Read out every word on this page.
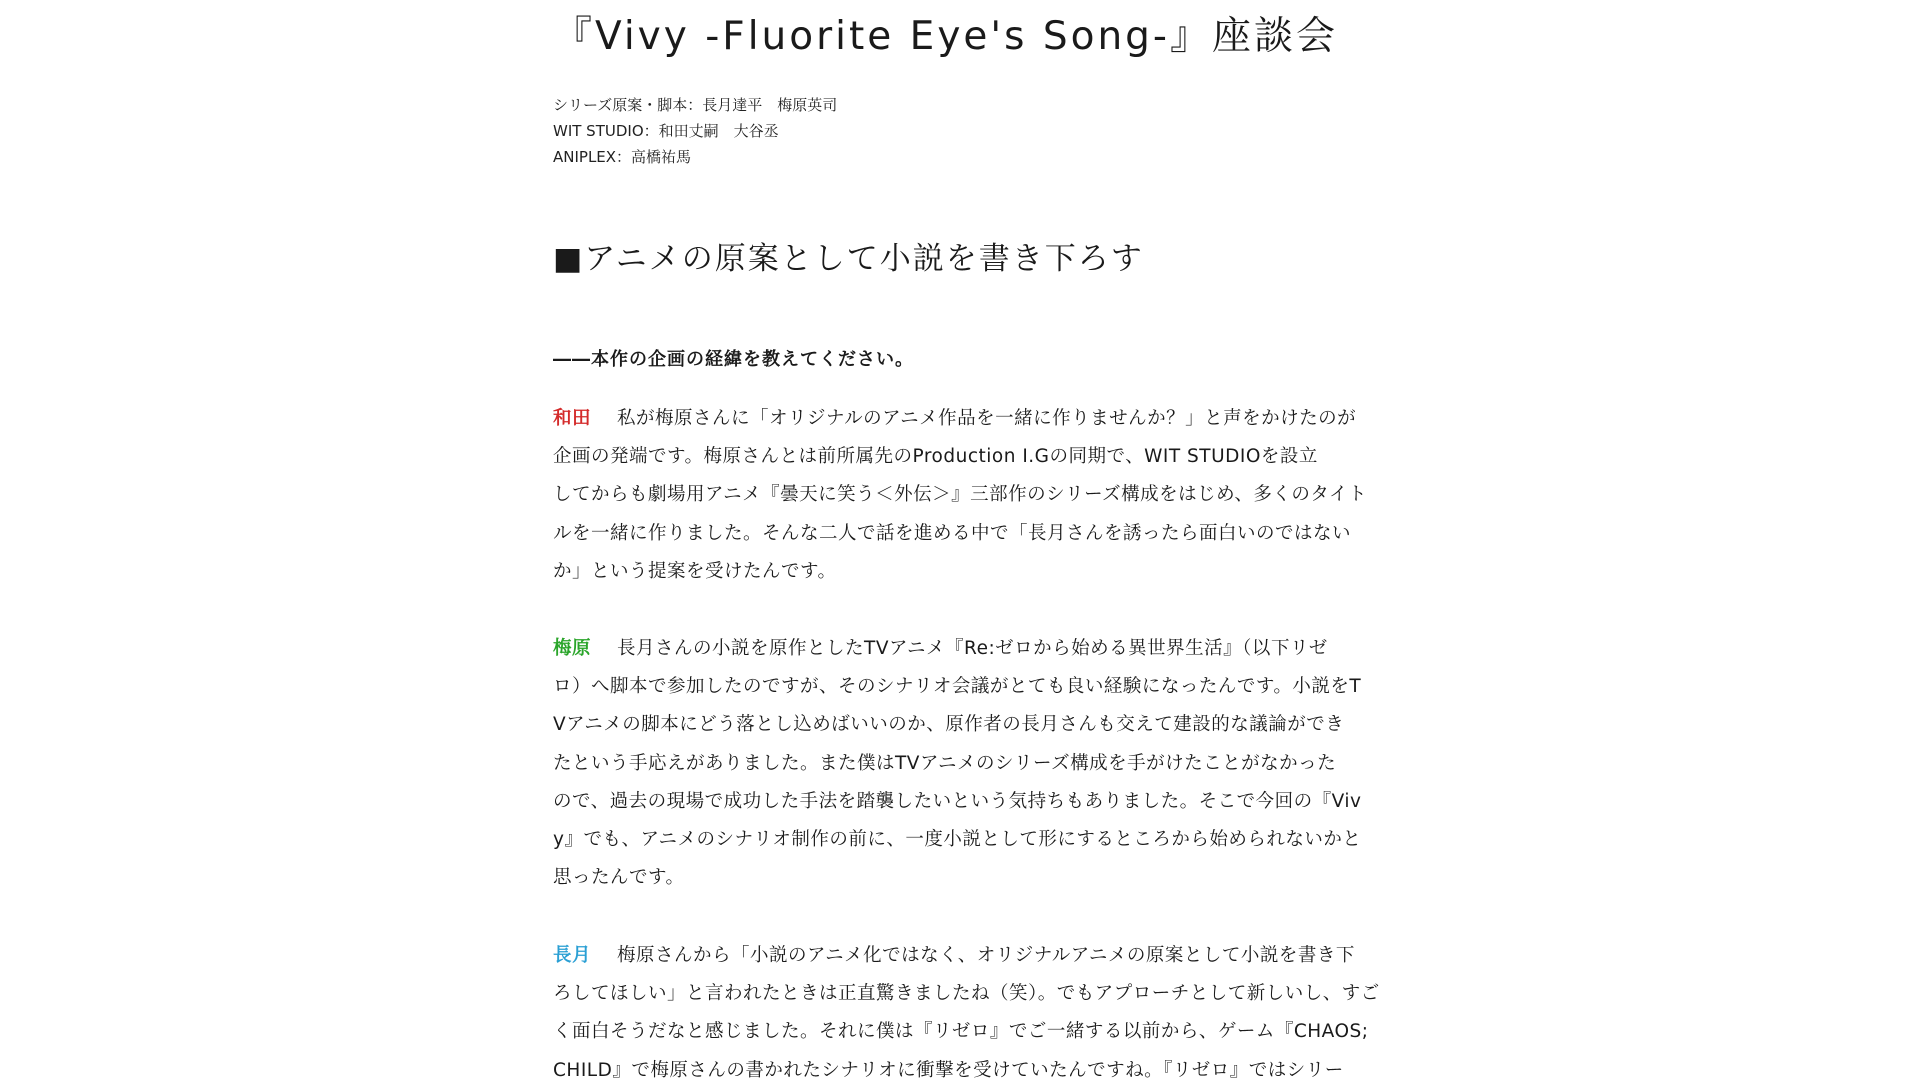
『Vivy -Fluorite Eye's Song-』座談会
シリーズ原案・脚本：長月達平　梅原英司
WIT STUDIO：和田丈嗣　大谷丞
ANIPLEX：高橋祐馬
■アニメの原案として小説を書き下ろす
――本作の企画の経緯を教えてください。
和田 私が梅原さんに「オリジナルのアニメ作品を一緒に作りませんか？」と声をかけたのが
企画の発端です。梅原さんとは前所属先のProduction I.Gの同期で、WIT STUDIOを設立
してからも劇場用アニメ『曇天に笑う＜外伝＞』三部作のシリーズ構成をはじめ、多くのタイト
ルを一緒に作りました。そんな二人で話を進める中で「長月さんを誘ったら面白いのではない
か」という提案を受けたんです。
梅原 長月さんの小説を原作としたTVアニメ『Re:ゼロから始める異世界生活』（以下リゼ
ロ）へ脚本で参加したのですが、そのシナリオ会議がとても良い経験になったんです。小説をT
Vアニメの脚本にどう落とし込めばいいのか、原作者の長月さんも交えて建設的な議論ができ
たという手応えがありました。また僕はTVアニメのシリーズ構成を手がけたことがなかった
ので、過去の現場で成功した手法を踏襲したいという気持ちもありました。そこで今回の『Viv
y』でも、アニメのシナリオ制作の前に、一度小説として形にするところから始められないかと
思ったんです。
長月 梅原さんから「小説のアニメ化ではなく、オリジナルアニメの原案として小説を書き下
ろしてほしい」と言われたときは正直驚きましたね（笑）。でもアプローチとして新しいし、すご
く面白そうだなと感じました。それに僕は『リゼロ』でご一緒する以前から、ゲーム『CHAOS;
CHILD』で梅原さんの書かれたシナリオに衝撃を受けていたんですね。『リゼロ』ではシリー
